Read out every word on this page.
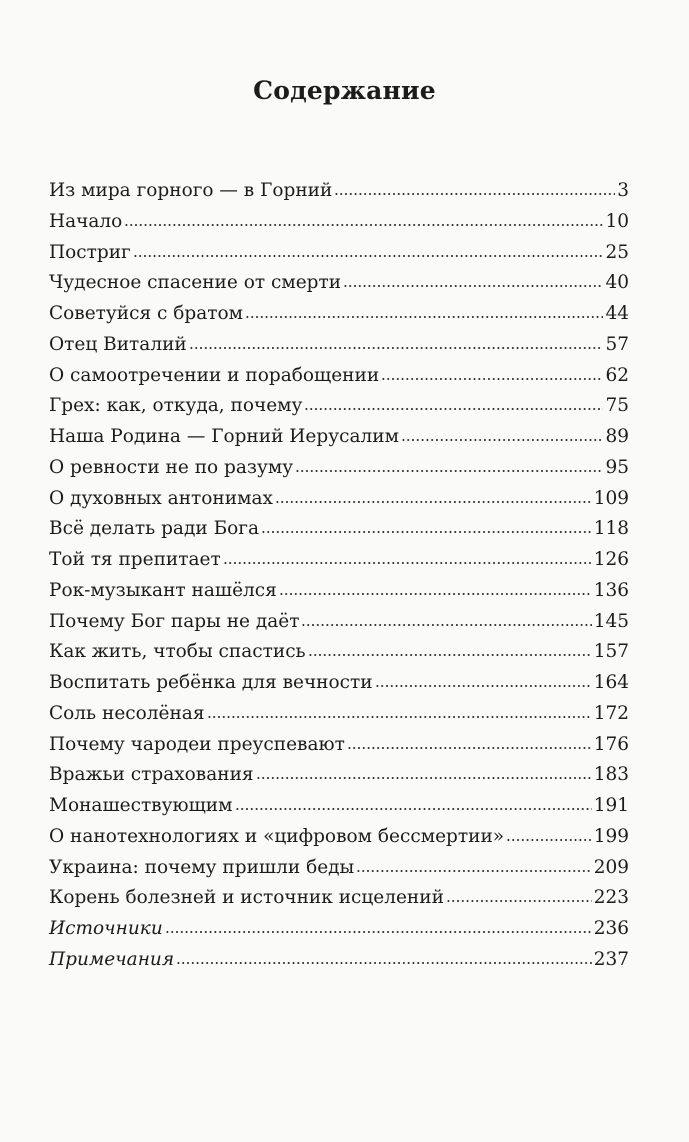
Содержание
Из мира горного — в Горний	3
Начало	10
Постриг	25
Чудесное спасение от смерти	40
Советуйся с братом	44
Отец Виталий	57
О самоотречении и порабощении	62
Грех: как, откуда, почему	75
Наша Родина — Горний Иерусалим	89
О ревности не по разуму	95
О духовных антонимах	109
Всё делать ради Бога	118
Той тя препитает	126
Рок-музыкант нашёлся	136
Почему Бог пары не даёт	145
Как жить, чтобы спастись	157
Воспитать ребёнка для вечности	164
Соль несолёная	172
Почему чародеи преуспевают	176
Вражьи страхования	183
Монашествующим	191
О нанотехнологиях и «цифровом бессмертии»	199
Украина: почему пришли беды	209
Корень болезней и источник исцелений	223
Источники	236
Примечания	237
